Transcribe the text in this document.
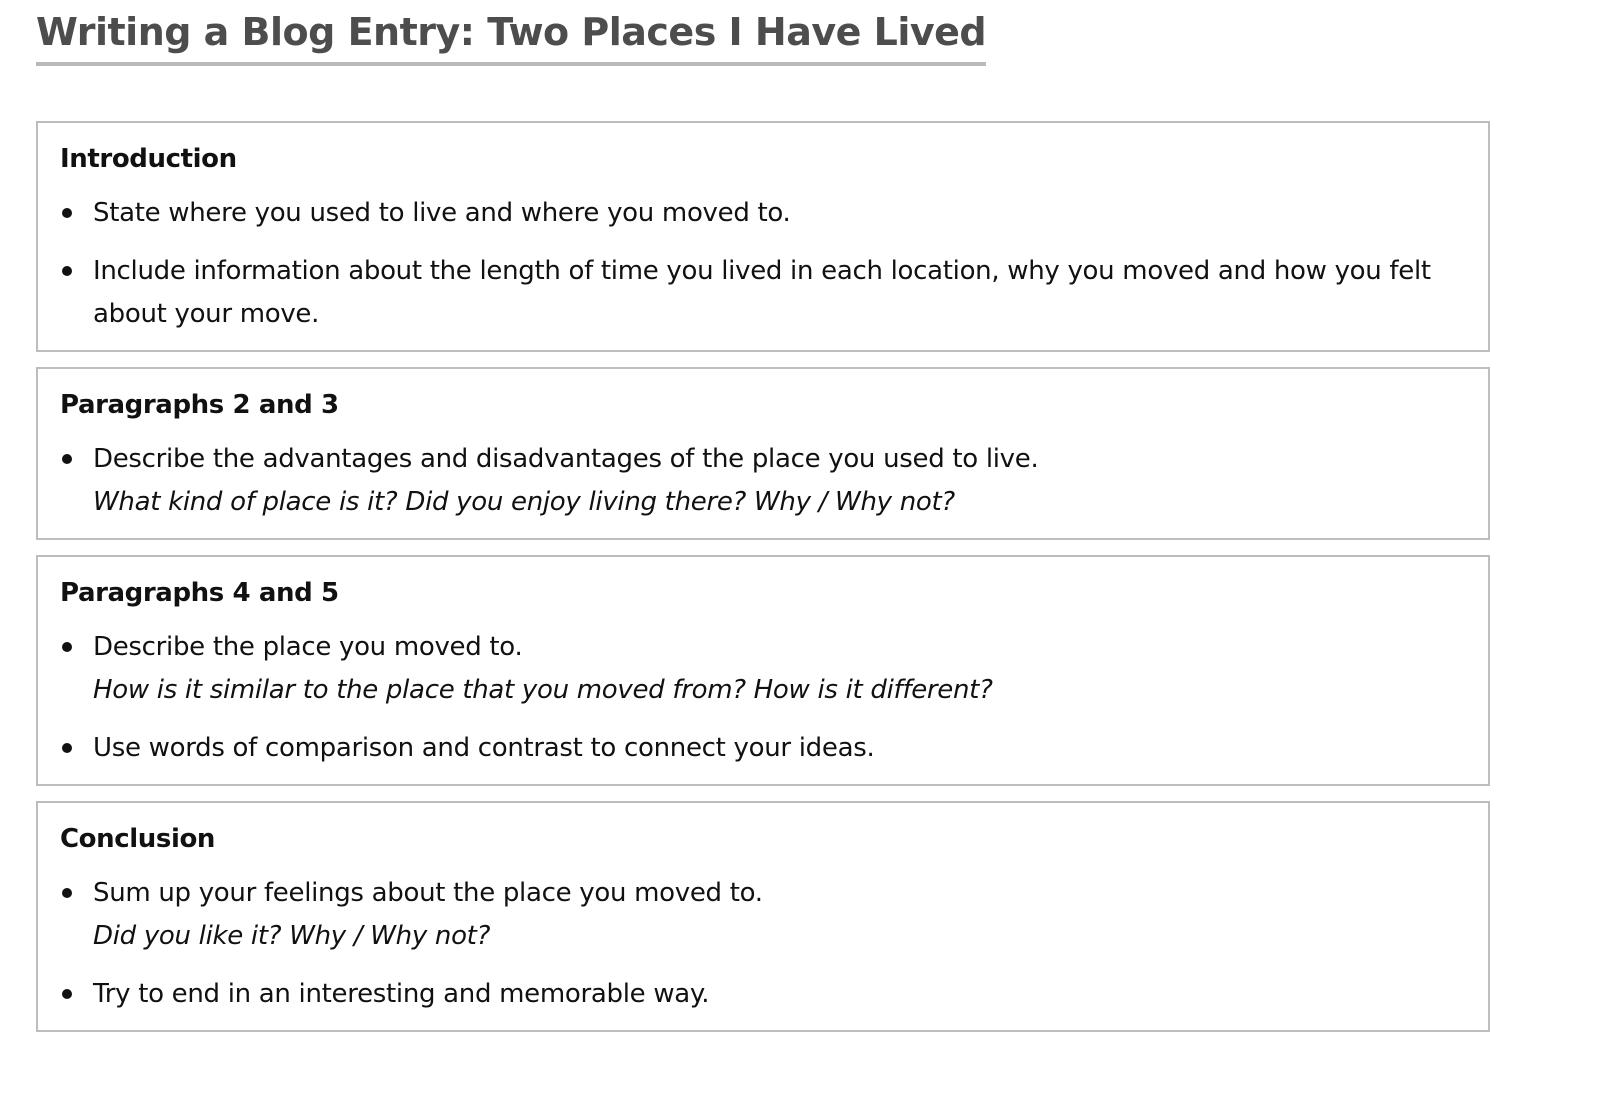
Writing a Blog Entry: Two Places I Have Lived
Introduction
State where you used to live and where you moved to.
Include information about the length of time you lived in each location, why you moved and how you felt about your move.
Paragraphs 2 and 3
Describe the advantages and disadvantages of the place you used to live.
What kind of place is it? Did you enjoy living there? Why / Why not?
Paragraphs 4 and 5
Describe the place you moved to.
How is it similar to the place that you moved from? How is it different?
Use words of comparison and contrast to connect your ideas.
Conclusion
Sum up your feelings about the place you moved to.
Did you like it? Why / Why not?
Try to end in an interesting and memorable way.
